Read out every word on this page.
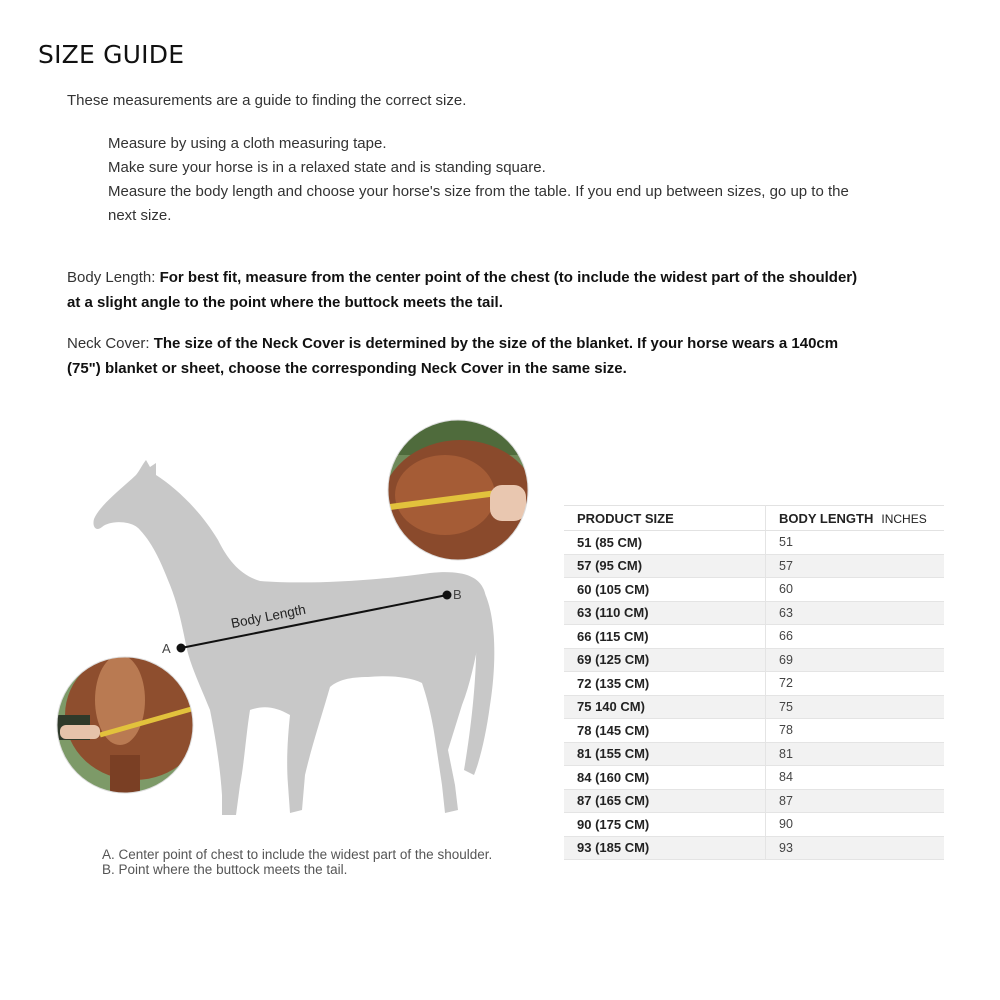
SIZE GUIDE
These measurements are a guide to finding the correct size.
Measure by using a cloth measuring tape.
Make sure your horse is in a relaxed state and is standing square.
Measure the body length and choose your horse's size from the table. If you end up between sizes, go up to the next size.
Body Length: For best fit, measure from the center point of the chest (to include the widest part of the shoulder) at a slight angle to the point where the buttock meets the tail.
Neck Cover: The size of the Neck Cover is determined by the size of the blanket. If your horse wears a 140cm (75") blanket or sheet, choose the corresponding Neck Cover in the same size.
A
B
Body Length
A. Center point of chest to include the widest part of the shoulder.
B. Point where the buttock meets the tail.
PRODUCT SIZE	BODY LENGTH INCHES
51 (85 CM)	51
57 (95 CM)	57
60 (105 CM)	60
63 (110 CM)	63
66 (115 CM)	66
69 (125 CM)	69
72 (135 CM)	72
75 140 CM)	75
78 (145 CM)	78
81 (155 CM)	81
84 (160 CM)	84
87 (165 CM)	87
90 (175 CM)	90
93 (185 CM)	93
